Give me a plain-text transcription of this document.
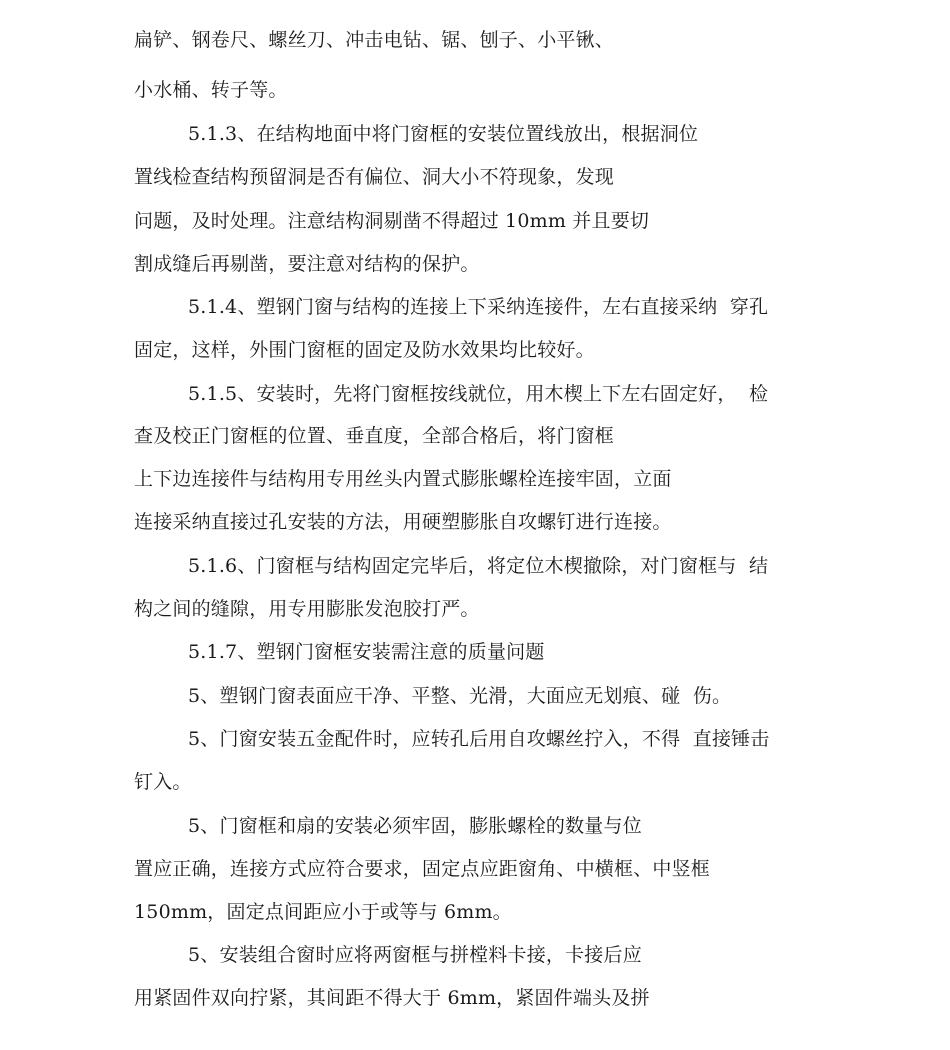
扁铲、钢卷尺、螺丝刀、冲击电钻、锯、刨子、小平锹、
小水桶、转子等。
5.1.3、在结构地面中将门窗框的安装位置线放出，根据洞位
置线检查结构预留洞是否有偏位、洞大小不符现象，发现
问题，及时处理。注意结构洞剔凿不得超过 10mm 并且要切
割成缝后再剔凿，要注意对结构的保护。
5.1.4、塑钢门窗与结构的连接上下采纳连接件，左右直接采纳  穿孔
固定，这样，外围门窗框的固定及防水效果均比较好。
5.1.5、安装时，先将门窗框按线就位，用木楔上下左右固定好，  检
查及校正门窗框的位置、垂直度，全部合格后，将门窗框
上下边连接件与结构用专用丝头内置式膨胀螺栓连接牢固，立面
连接采纳直接过孔安装的方法，用硬塑膨胀自攻螺钉进行连接。
5.1.6、门窗框与结构固定完毕后，将定位木楔撤除，对门窗框与  结
构之间的缝隙，用专用膨胀发泡胶打严。
5.1.7、塑钢门窗框安装需注意的质量问题
5、塑钢门窗表面应干净、平整、光滑，大面应无划痕、碰  伤。
5、门窗安装五金配件时，应转孔后用自攻螺丝拧入，不得  直接锤击
钉入。
5、门窗框和扇的安装必须牢固，膨胀螺栓的数量与位
置应正确，连接方式应符合要求，固定点应距窗角、中横框、中竖框
150mm，固定点间距应小于或等与 6mm。
5、安装组合窗时应将两窗框与拼樘料卡接，卡接后应
用紧固件双向拧紧，其间距不得大于 6mm，紧固件端头及拼
